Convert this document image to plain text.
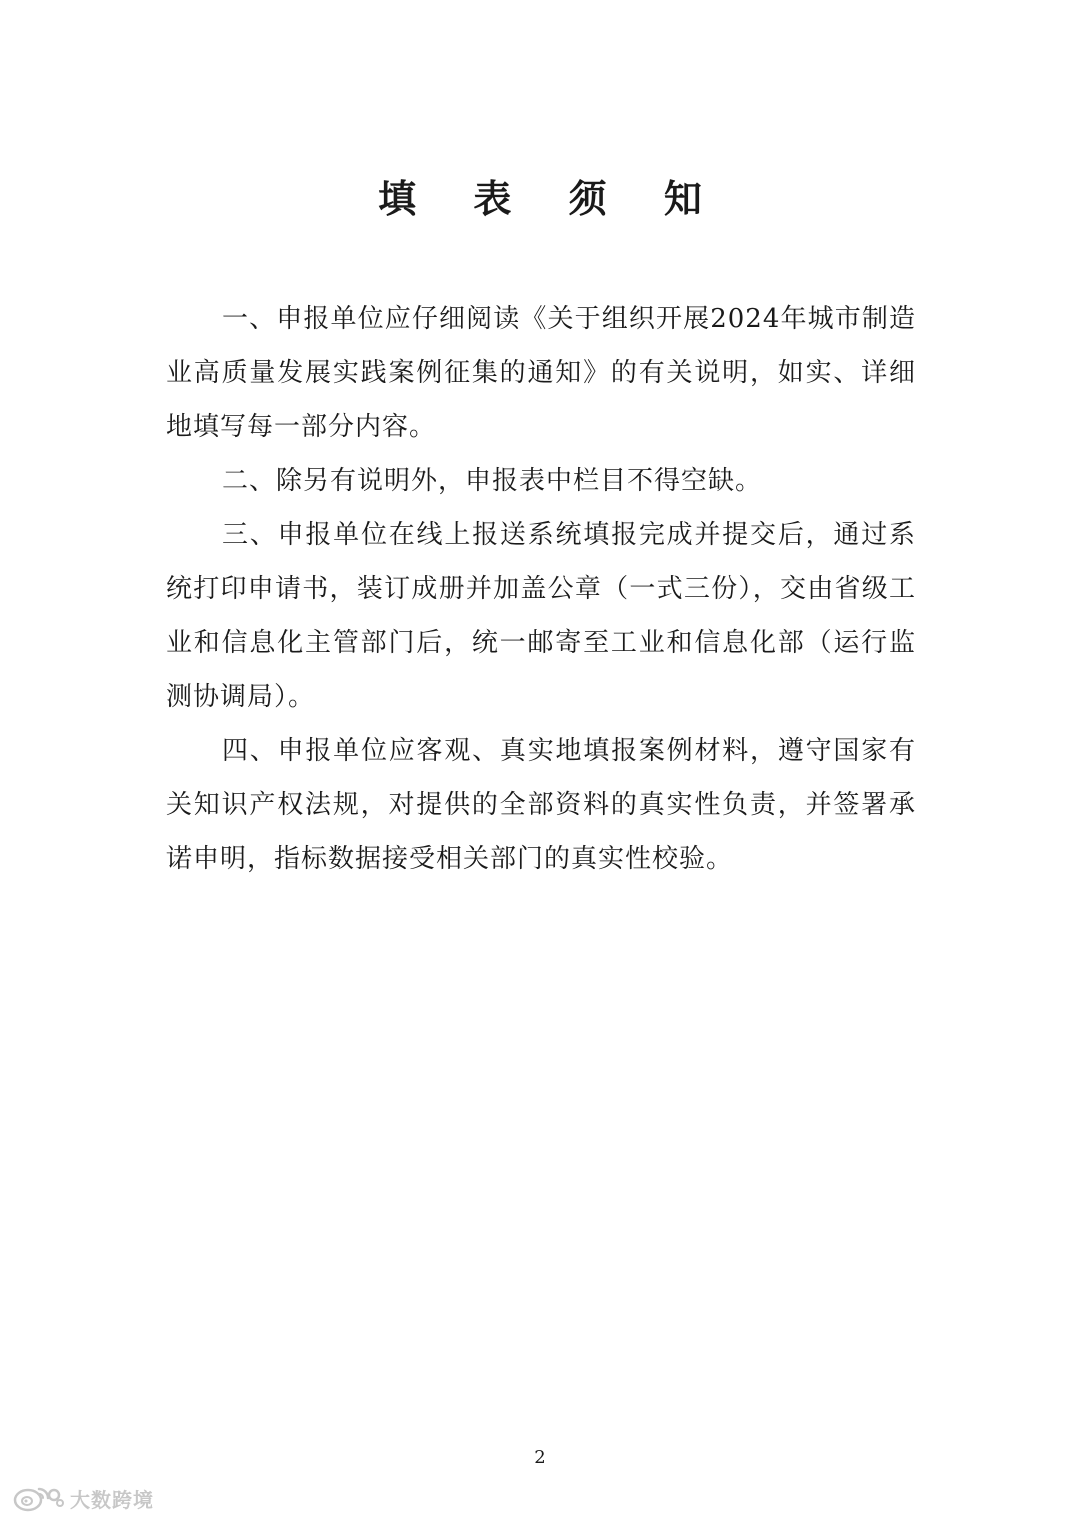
填 表 须 知

一、申报单位应仔细阅读《关于组织开展2024年城市制造业高质量发展实践案例征集的通知》的有关说明，如实、详细地填写每一部分内容。

二、除另有说明外，申报表中栏目不得空缺。

三、申报单位在线上报送系统填报完成并提交后，通过系统打印申请书，装订成册并加盖公章（一式三份），交由省级工业和信息化主管部门后，统一邮寄至工业和信息化部（运行监测协调局）。

四、申报单位应客观、真实地填报案例材料，遵守国家有关知识产权法规，对提供的全部资料的真实性负责，并签署承诺申明，指标数据接受相关部门的真实性校验。

2
大数跨境
